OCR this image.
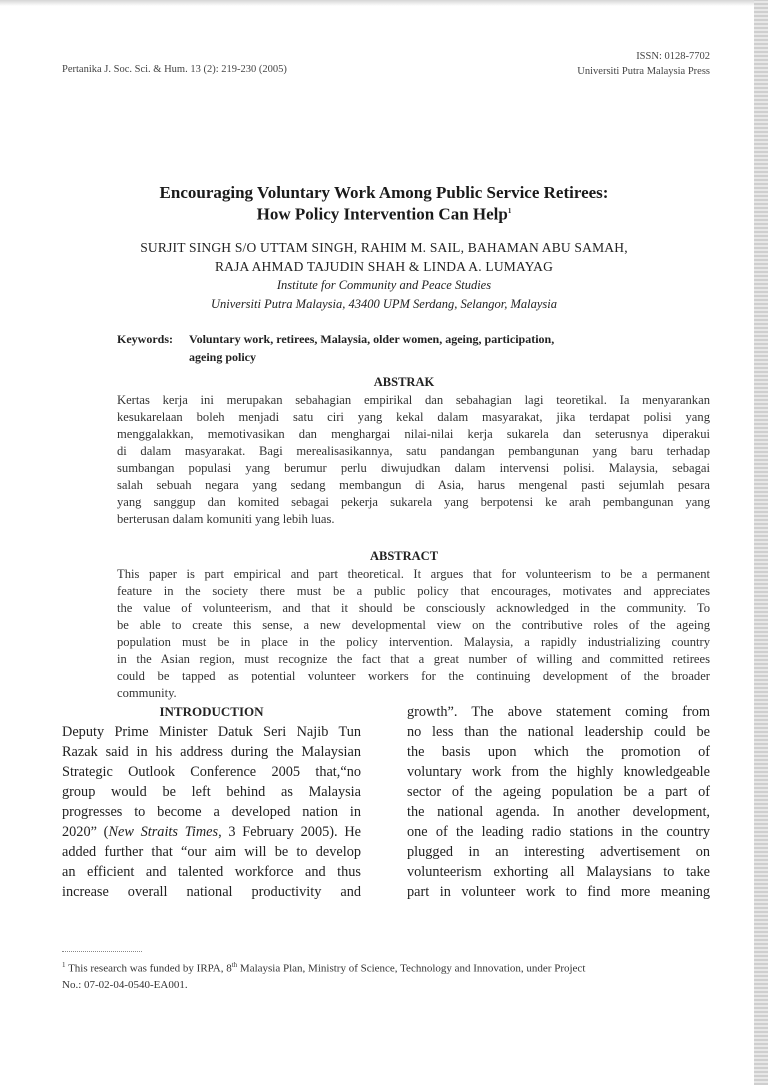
Pertanika J. Soc. Sci. & Hum. 13 (2): 219-230 (2005)
ISSN: 0128-7702
Universiti Putra Malaysia Press
Encouraging Voluntary Work Among Public Service Retirees:
How Policy Intervention Can Help$^1$
SURJIT SINGH S/O UTTAM SINGH, RAHIM M. SAIL, BAHAMAN ABU SAMAH,
RAJA AHMAD TAJUDIN SHAH & LINDA A. LUMAYAG
Institute for Community and Peace Studies
Universiti Putra Malaysia, 43400 UPM Serdang, Selangor, Malaysia
Keywords: Voluntary work, retirees, Malaysia, older women, ageing, participation,
ageing policy
ABSTRAK
Kertas kerja ini merupakan sebahagian empirikal dan sebahagian lagi teoretikal. Ia menyarankan
kesukarelaan boleh menjadi satu ciri yang kekal dalam masyarakat, jika terdapat polisi yang
menggalakkan, memotivasikan dan menghargai nilai-nilai kerja sukarela dan seterusnya diperakui
di dalam masyarakat. Bagi merealisasikannya, satu pandangan pembangunan yang baru terhadap
sumbangan populasi yang berumur perlu diwujudkan dalam intervensi polisi. Malaysia, sebagai
salah sebuah negara yang sedang membangun di Asia, harus mengenal pasti sejumlah pesara
yang sanggup dan komited sebagai pekerja sukarela yang berpotensi ke arah pembangunan yang
berterusan dalam komuniti yang lebih luas.
ABSTRACT
This paper is part empirical and part theoretical. It argues that for volunteerism to be a permanent
feature in the society there must be a public policy that encourages, motivates and appreciates
the value of volunteerism, and that it should be consciously acknowledged in the community. To
be able to create this sense, a new developmental view on the contributive roles of the ageing
population must be in place in the policy intervention. Malaysia, a rapidly industrializing country
in the Asian region, must recognize the fact that a great number of willing and committed retirees
could be tapped as potential volunteer workers for the continuing development of the broader
community.
INTRODUCTION
Deputy Prime Minister Datuk Seri Najib Tun
Razak said in his address during the Malaysian
Strategic Outlook Conference 2005 that,“no
group would be left behind as Malaysia
progresses to become a developed nation in
2020” (New Straits Times, 3 February 2005). He
added further that “our aim will be to develop
an efficient and talented workforce and thus
increase overall national productivity and
growth”. The above statement coming from
no less than the national leadership could be
the basis upon which the promotion of
voluntary work from the highly knowledgeable
sector of the ageing population be a part of
the national agenda. In another development,
one of the leading radio stations in the country
plugged in an interesting advertisement on
volunteerism exhorting all Malaysians to take
part in volunteer work to find more meaning
$^1$ This research was funded by IRPA, 8th Malaysia Plan, Ministry of Science, Technology and Innovation, under Project
No.: 07-02-04-0540-EA001.
